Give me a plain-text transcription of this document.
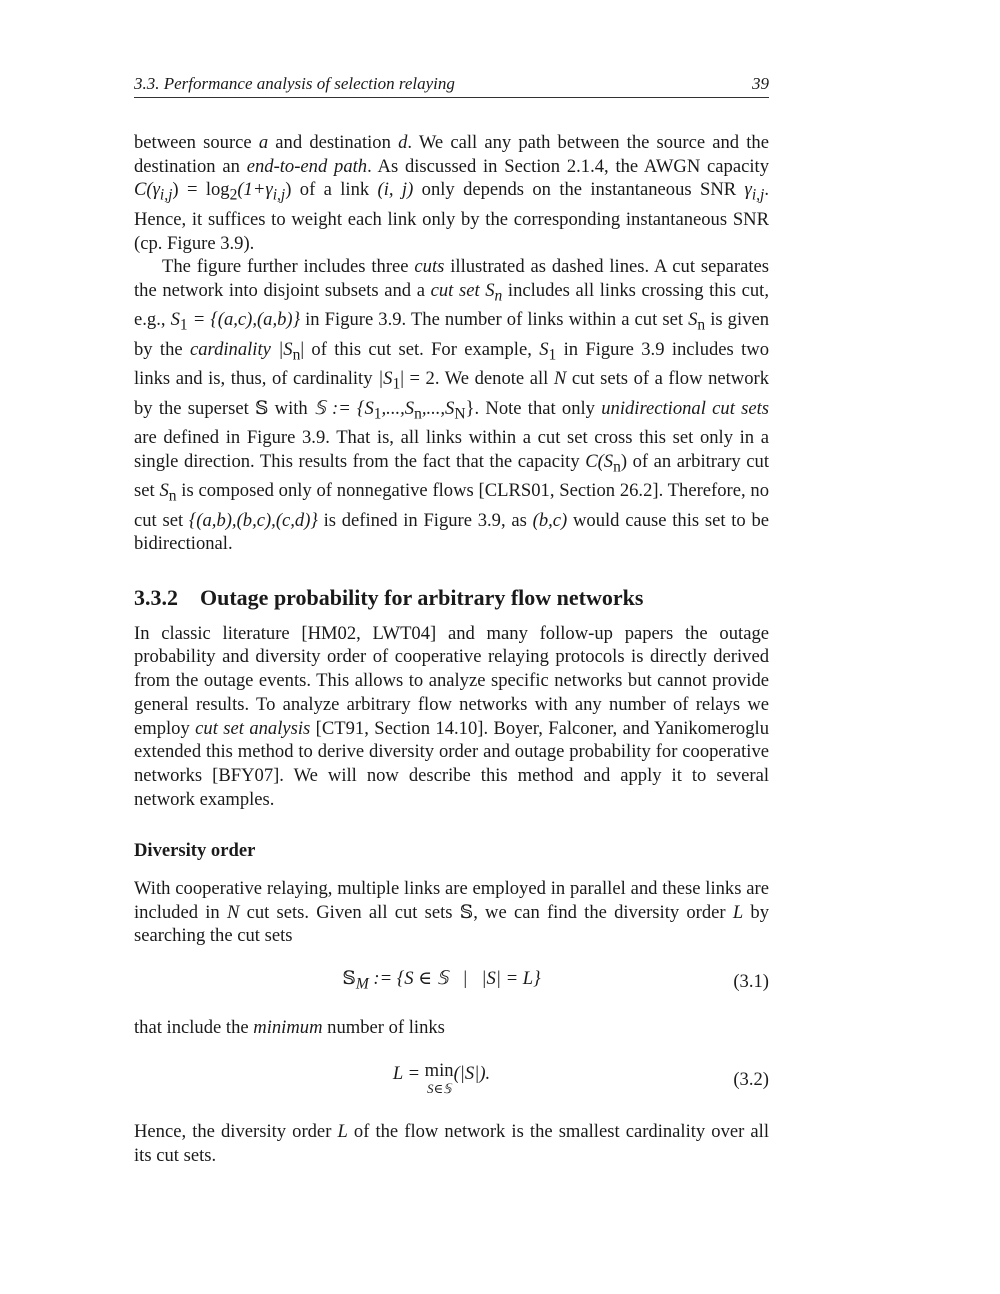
3.3. Performance analysis of selection relaying	39

between source a and destination d. We call any path between the source and the destination an end-to-end path. As discussed in Section 2.1.4, the AWGN capacity $C(\gamma_{i,j}) = \log_2(1+\gamma_{i,j})$ of a link (i, j) only depends on the instantaneous SNR $\gamma_{i,j}$. Hence, it suffices to weight each link only by the corresponding instantaneous SNR (cp. Figure 3.9).

The figure further includes three cuts illustrated as dashed lines. A cut separates the network into disjoint subsets and a cut set $S_n$ includes all links crossing this cut, e.g., $S_1 = \{(a,c),(a,b)\}$ in Figure 3.9. The number of links within a cut set $S_n$ is given by the cardinality $|S_n|$ of this cut set. For example, $S_1$ in Figure 3.9 includes two links and is, thus, of cardinality $|S_1| = 2$. We denote all N cut sets of a flow network by the superset 𝕊 with 𝕊 := $\{S_1,...,S_n,...,S_N\}$. Note that only unidirectional cut sets are defined in Figure 3.9. That is, all links within a cut set cross this set only in a single direction. This results from the fact that the capacity $C(S_n)$ of an arbitrary cut set $S_n$ is composed only of nonnegative flows [CLRS01, Section 26.2]. Therefore, no cut set {(a,b),(b,c),(c,d)} is defined in Figure 3.9, as (b,c) would cause this set to be bidirectional.

3.3.2 Outage probability for arbitrary flow networks

In classic literature [HM02, LWT04] and many follow-up papers the outage probability and diversity order of cooperative relaying protocols is directly derived from the outage events. This allows to analyze specific networks but cannot provide general results. To analyze arbitrary flow networks with any number of relays we employ cut set analysis [CT91, Section 14.10]. Boyer, Falconer, and Yanikomeroglu extended this method to derive diversity order and outage probability for cooperative networks [BFY07]. We will now describe this method and apply it to several network examples.

Diversity order

With cooperative relaying, multiple links are employed in parallel and these links are included in N cut sets. Given all cut sets 𝕊, we can find the diversity order L by searching the cut sets

𝕊$_M$ := {S ∈ 𝕊   |   |S| = L}	(3.1)

that include the minimum number of links

L = min
S∈𝕊
(|S|).	(3.2)

Hence, the diversity order L of the flow network is the smallest cardinality over all its cut sets.
